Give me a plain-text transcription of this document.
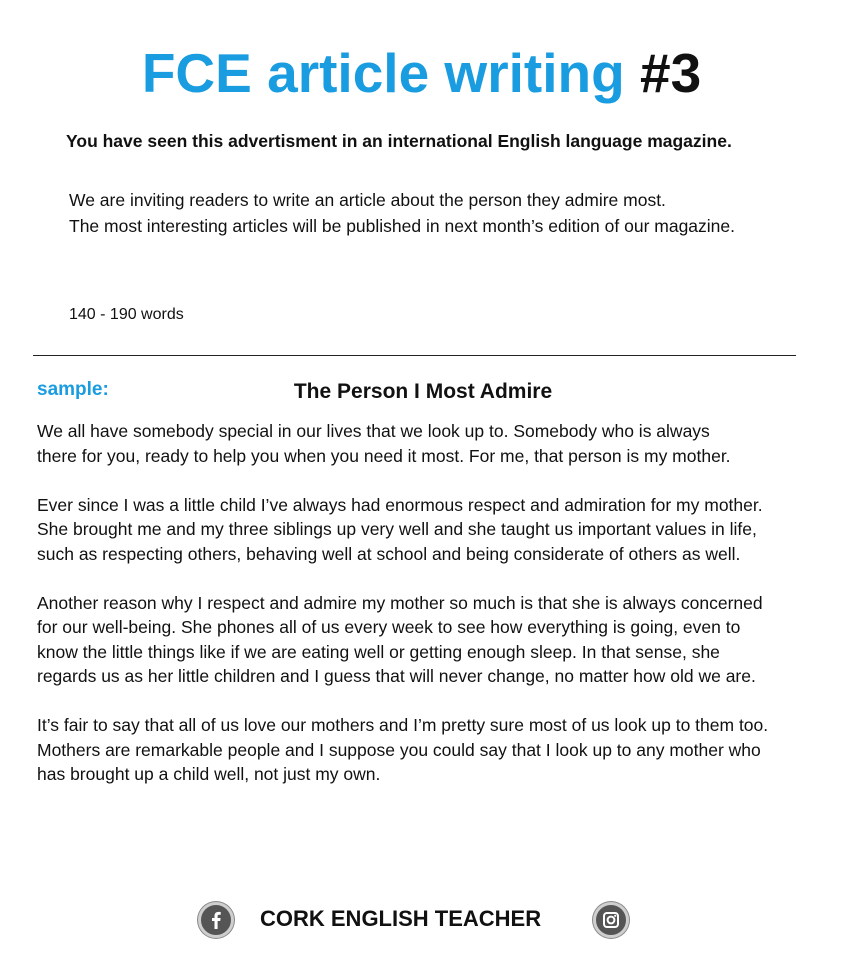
FCE article writing #3
You have seen this advertisment in an international English language magazine.
We are inviting readers to write an article about the person they admire most.
The most interesting articles will be published in next month’s edition of our magazine.
140 - 190 words
sample:	The Person I Most Admire

We all have somebody special in our lives that we look up to. Somebody who is always
there for you, ready to help you when you need it most. For me, that person is my mother.

Ever since I was a little child I’ve always had enormous respect and admiration for my mother.
She brought me and my three siblings up very well and she taught us important values in life,
such as respecting others, behaving well at school and being considerate of others as well.

Another reason why I respect and admire my mother so much is that she is always concerned
for our well-being. She phones all of us every week to see how everything is going, even to
know the little things like if we are eating well or getting enough sleep. In that sense, she
regards us as her little children and I guess that will never change, no matter how old we are.

It’s fair to say that all of us love our mothers and I’m pretty sure most of us look up to them too.
Mothers are remarkable people and I suppose you could say that I look up to any mother who
has brought up a child well, not just my own.

CORK ENGLISH TEACHER
